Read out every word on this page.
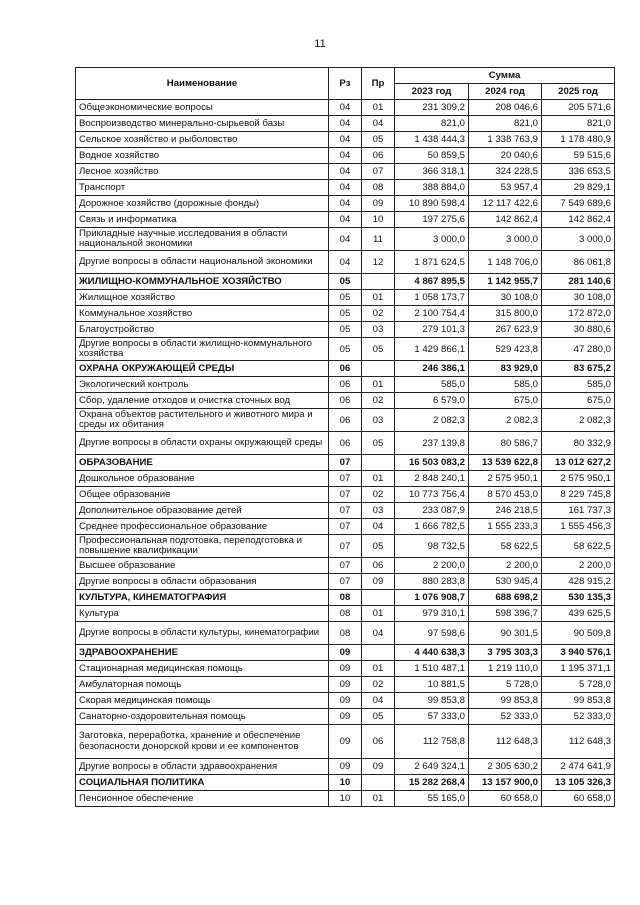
11
Наименование	Рз	Пр	Сумма		
			2023 год	2024 год	2025 год
Общеэкономические вопросы	04	01	231 309,2	208 046,6	205 571,6
Воспроизводство минерально-сырьевой базы	04	04	821,0	821,0	821,0
Сельское хозяйство и рыболовство	04	05	1 438 444,3	1 338 763,9	1 178 480,9
Водное хозяйство	04	06	50 859,5	20 040,6	59 515,6
Лесное хозяйство	04	07	366 318,1	324 228,5	336 653,5
Транспорт	04	08	388 884,0	53 957,4	29 829,1
Дорожное хозяйство (дорожные фонды)	04	09	10 890 598,4	12 117 422,6	7 549 689,6
Связь и информатика	04	10	197 275,6	142 862,4	142 862,4
Прикладные научные исследования в области национальной экономики	04	11	3 000,0	3 000,0	3 000,0
Другие вопросы в области национальной экономики	04	12	1 871 624,5	1 148 706,0	86 061,8
ЖИЛИЩНО-КОММУНАЛЬНОЕ ХОЗЯЙСТВО	05		4 867 895,5	1 142 955,7	281 140,6
Жилищное хозяйство	05	01	1 058 173,7	30 108,0	30 108,0
Коммунальное хозяйство	05	02	2 100 754,4	315 800,0	172 872,0
Благоустройство	05	03	279 101,3	267 623,9	30 880,6
Другие вопросы в области жилищно-коммунального хозяйства	05	05	1 429 866,1	529 423,8	47 280,0
ОХРАНА ОКРУЖАЮЩЕЙ СРЕДЫ	06		246 386,1	83 929,0	83 675,2
Экологический контроль	06	01	585,0	585,0	585,0
Сбор, удаление отходов и очистка сточных вод	06	02	6 579,0	675,0	675,0
Охрана объектов растительного и животного мира и среды их обитания	06	03	2 082,3	2 082,3	2 082,3
Другие вопросы в области охраны окружающей среды	06	05	237 139,8	80 586,7	80 332,9
ОБРАЗОВАНИЕ	07		16 503 083,2	13 539 622,8	13 012 627,2
Дошкольное образование	07	01	2 848 240,1	2 575 950,1	2 575 950,1
Общее образование	07	02	10 773 756,4	8 570 453,0	8 229 745,8
Дополнительное образование детей	07	03	233 087,9	246 218,5	161 737,3
Среднее профессиональное образование	07	04	1 666 782,5	1 555 233,3	1 555 456,3
Профессиональная подготовка, переподготовка и повышение квалификации	07	05	98 732,5	58 622,5	58 622,5
Высшее образование	07	06	2 200,0	2 200,0	2 200,0
Другие вопросы в области образования	07	09	880 283,8	530 945,4	428 915,2
КУЛЬТУРА, КИНЕМАТОГРАФИЯ	08		1 076 908,7	688 698,2	530 135,3
Культура	08	01	979 310,1	598 396,7	439 625,5
Другие вопросы в области культуры, кинематографии	08	04	97 598,6	90 301,5	90 509,8
ЗДРАВООХРАНЕНИЕ	09		4 440 638,3	3 795 303,3	3 940 576,1
Стационарная медицинская помощь	09	01	1 510 487,1	1 219 110,0	1 195 371,1
Амбулаторная помощь	09	02	10 881,5	5 728,0	5 728,0
Скорая медицинская помощь	09	04	99 853,8	99 853,8	99 853,8
Санаторно-оздоровительная помощь	09	05	57 333,0	52 333,0	52 333,0
Заготовка, переработка, хранение и обеспечение безопасности донорской крови и ее компонентов	09	06	112 758,8	112 648,3	112 648,3
Другие вопросы в области здравоохранения	09	09	2 649 324,1	2 305 630,2	2 474 641,9
СОЦИАЛЬНАЯ ПОЛИТИКА	10		15 282 268,4	13 157 900,0	13 105 326,3
Пенсионное обеспечение	10	01	55 165,0	60 658,0	60 658,0
